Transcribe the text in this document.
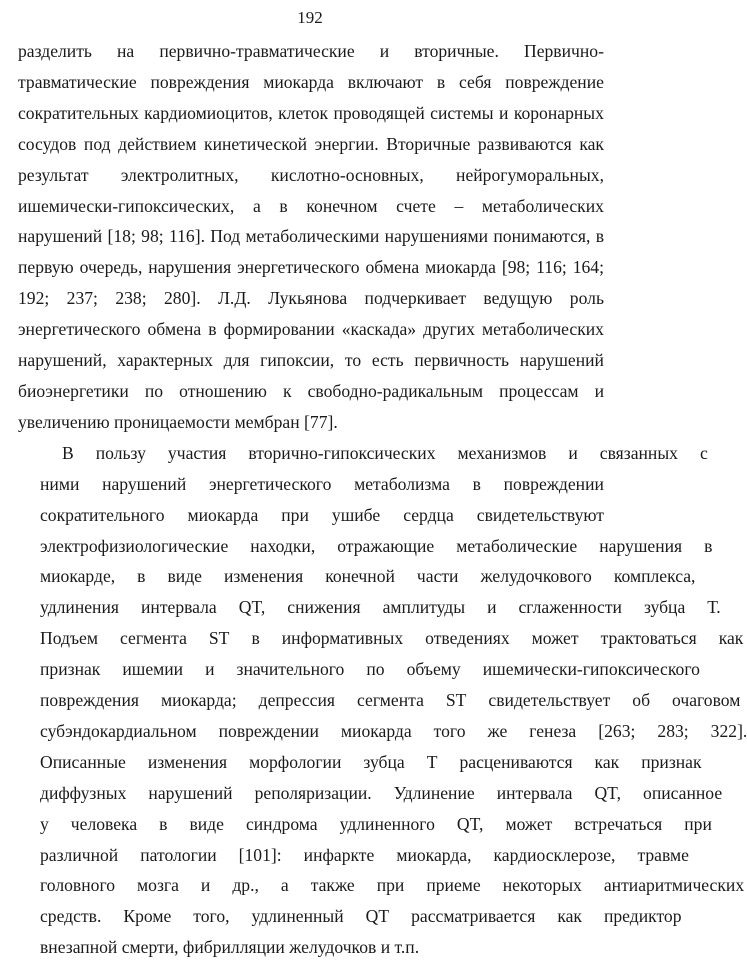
192
разделить на первично-травматические и вторичные. Первично-
травматические повреждения миокарда включают в себя повреждение
сократительных кардиомиоцитов, клеток проводящей системы и коронарных
сосудов под действием кинетической энергии. Вторичные развиваются как
результат электролитных, кислотно-основных, нейрогуморальных,
ишемически-гипоксических, а в конечном счете – метаболических
нарушений [18; 98; 116]. Под метаболическими нарушениями понимаются, в
первую очередь, нарушения энергетического обмена миокарда [98; 116; 164;
192; 237; 238; 280]. Л.Д. Лукьянова подчеркивает ведущую роль
энергетического обмена в формировании «каскада» других метаболических
нарушений, характерных для гипоксии, то есть первичность нарушений
биоэнергетики по отношению к свободно-радикальным процессам и
увеличению проницаемости мембран [77].
В	пользу	участия	вторично-гипоксических	механизмов	и	связанных	с
ними	нарушений	энергетического	метаболизма	в	повреждении
сократительного	миокарда	при	ушибе	сердца	свидетельствуют
электрофизиологические	находки,	отражающие	метаболические	нарушения	в
миокарде,	в	виде	изменения	конечной	части	желудочкового	комплекса,
удлинения	интервала	QT,	снижения	амплитуды	и	сглаженности	зубца	Т.
Подъем	сегмента	ST	в	информативных	отведениях	может	трактоваться	как
признак	ишемии	и	значительного	по	объему	ишемически-гипоксического
повреждения	миокарда;	депрессия	сегмента	ST	свидетельствует	об	очаговом
субэндокардиальном	повреждении	миокарда	того	же	генеза	[263;	283;	322].
Описанные	изменения	морфологии	зубца	Т	расцениваются	как	признак
диффузных	нарушений	реполяризации.	Удлинение	интервала	QT,	описанное
у	человека	в	виде	синдрома	удлиненного	QT,	может	встречаться	при
различной	патологии	[101]:	инфаркте	миокарда,	кардиосклерозе,	травме
головного	мозга	и	др.,	а	также	при	приеме	некоторых	антиаритмических
средств.	Кроме	того,	удлиненный	QT	рассматривается	как	предиктор
внезапной смерти, фибрилляции желудочков и т.п.
